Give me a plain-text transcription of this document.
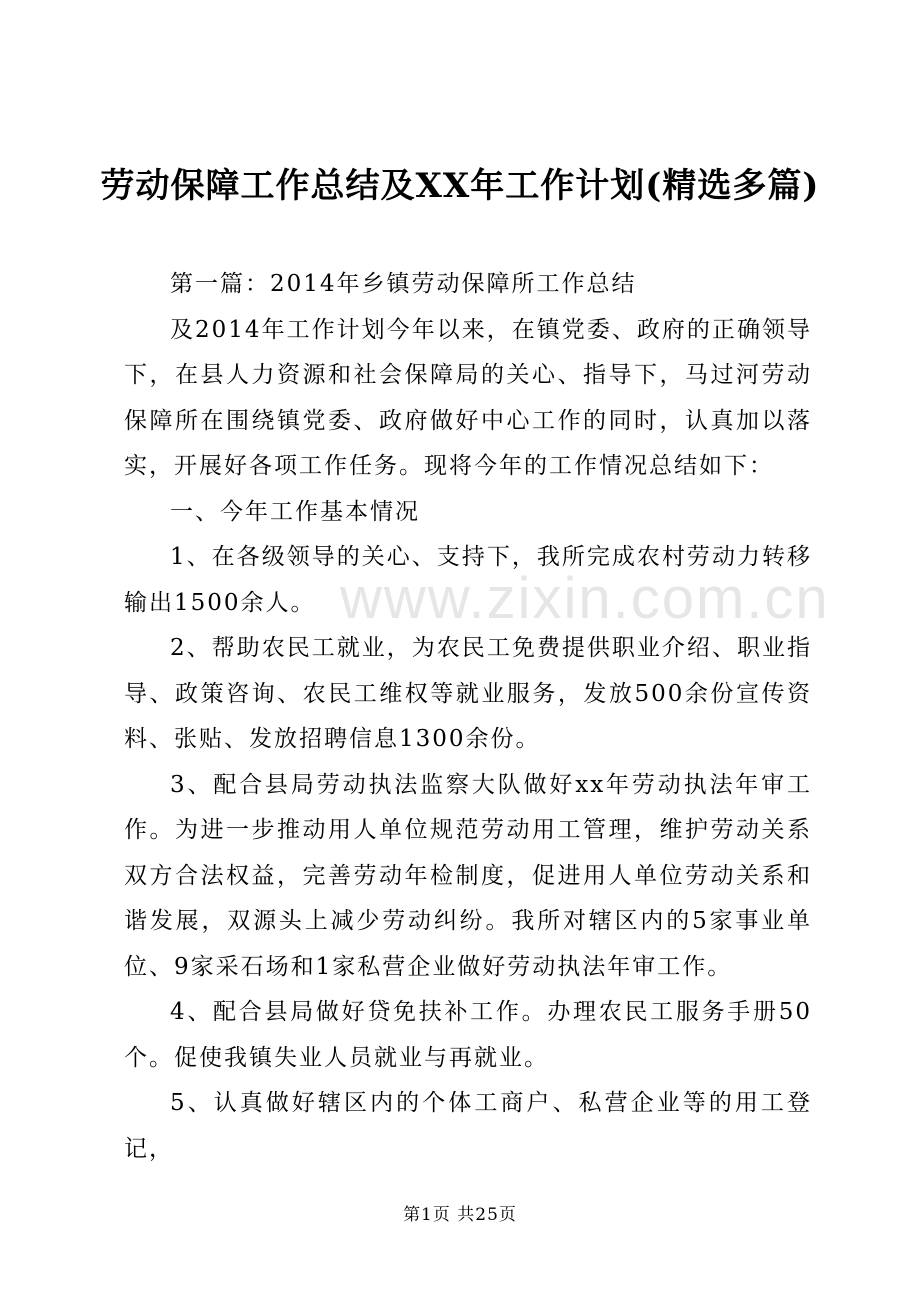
劳动保障工作总结及XX年工作计划(精选多篇)

第一篇：2014年乡镇劳动保障所工作总结

及2014年工作计划今年以来，在镇党委、政府的正确领导下，在县人力资源和社会保障局的关心、指导下，马过河劳动保障所在围绕镇党委、政府做好中心工作的同时，认真加以落实，开展好各项工作任务。现将今年的工作情况总结如下：

一、今年工作基本情况

1、在各级领导的关心、支持下，我所完成农村劳动力转移输出1500余人。

2、帮助农民工就业，为农民工免费提供职业介绍、职业指导、政策咨询、农民工维权等就业服务，发放500余份宣传资料、张贴、发放招聘信息1300余份。

3、配合县局劳动执法监察大队做好xx年劳动执法年审工作。为进一步推动用人单位规范劳动用工管理，维护劳动关系双方合法权益，完善劳动年检制度，促进用人单位劳动关系和谐发展，双源头上减少劳动纠纷。我所对辖区内的5家事业单位、9家采石场和1家私营企业做好劳动执法年审工作。

4、配合县局做好贷免扶补工作。办理农民工服务手册50个。促使我镇失业人员就业与再就业。

5、认真做好辖区内的个体工商户、私营企业等的用工登记，

www.zixin.com.cn
第1页 共25页
